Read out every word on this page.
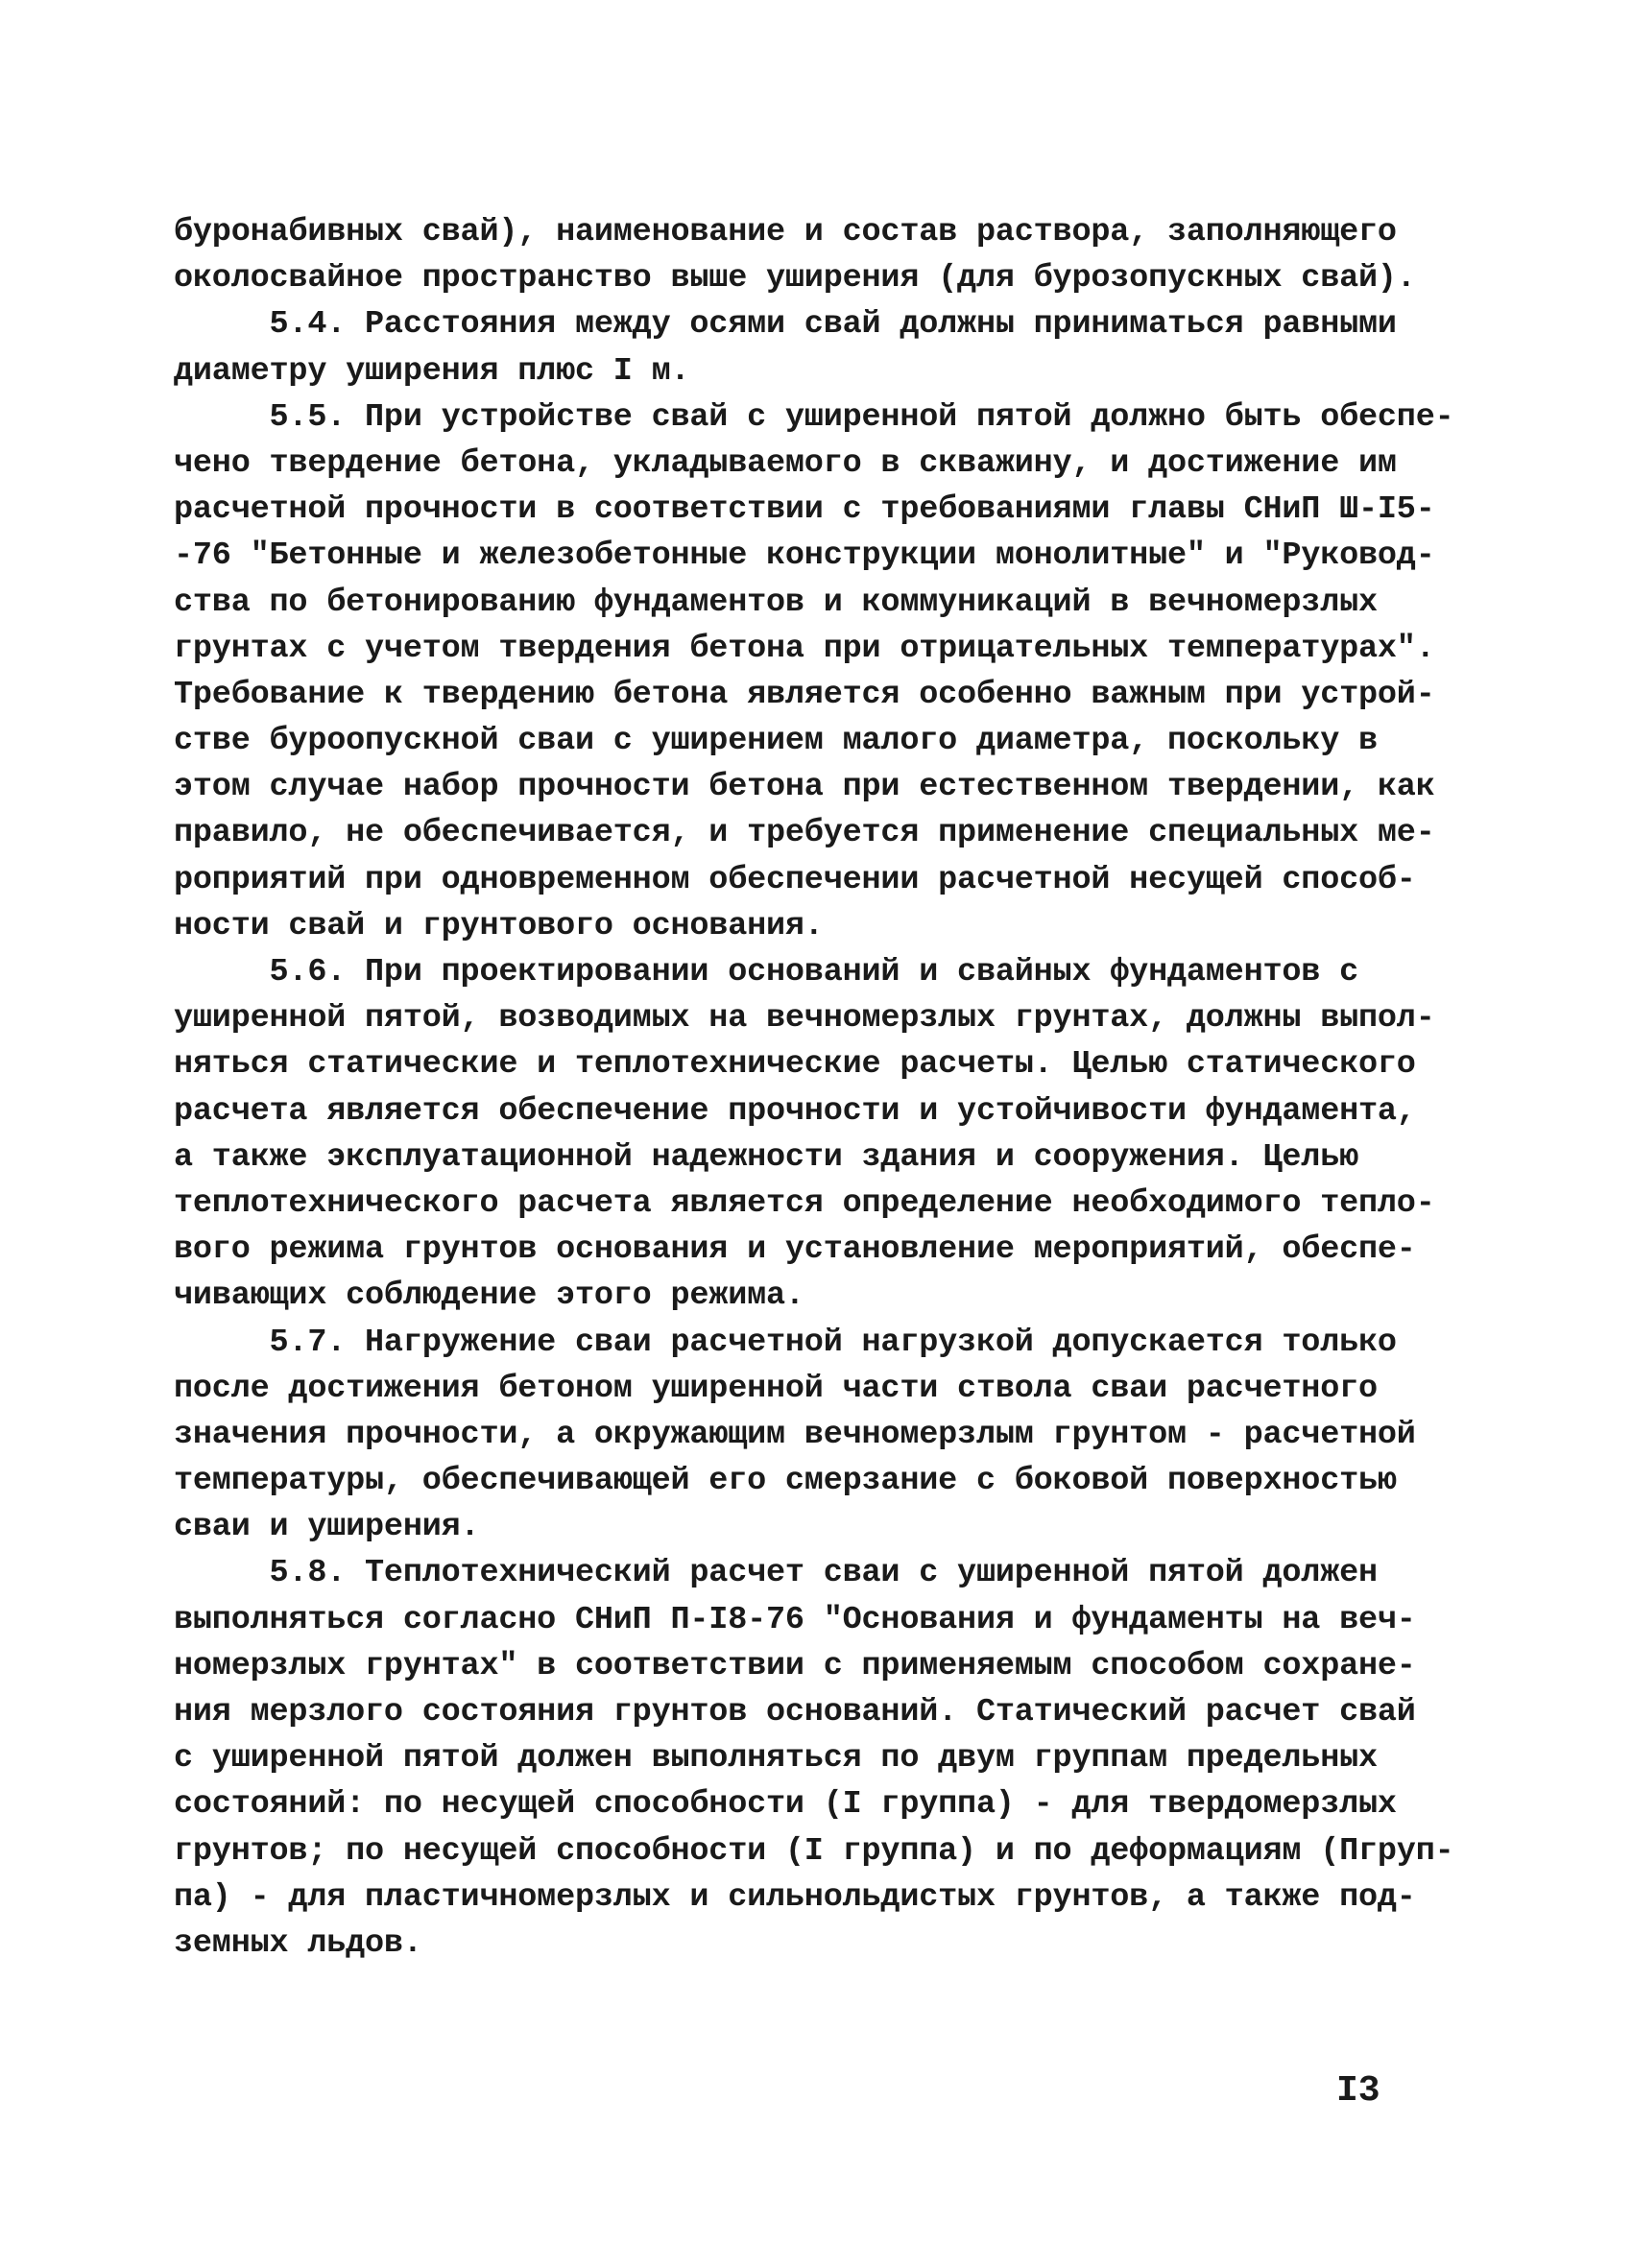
буронабивных свай), наименование и состав раствора, заполняющего
околосвайное пространство выше уширения (для бурозопускных свай).
5.4. Расстояния между осями свай должны приниматься равными
диаметру уширения плюс I м.
5.5. При устройстве свай с уширенной пятой должно быть обеспе-
чено твердение бетона, укладываемого в скважину, и достижение им
расчетной прочности в соответствии с требованиями главы СНиП Ш-I5-
-76 "Бетонные и железобетонные конструкции монолитные" и "Руковод-
ства по бетонированию фундаментов и коммуникаций в вечномерзлых
грунтах с учетом твердения бетона при отрицательных температурах".
Требование к твердению бетона является особенно важным при устрой-
стве буроопускной сваи с уширением малого диаметра, поскольку в
этом случае набор прочности бетона при естественном твердении, как
правило, не обеспечивается, и требуется применение специальных ме-
роприятий при одновременном обеспечении расчетной несущей способ-
ности свай и грунтового основания.
5.6. При проектировании оснований и свайных фундаментов с
уширенной пятой, возводимых на вечномерзлых грунтах, должны выпол-
няться статические и теплотехнические расчеты. Целью статического
расчета является обеспечение прочности и устойчивости фундамента,
а также эксплуатационной надежности здания и сооружения. Целью
теплотехнического расчета является определение необходимого тепло-
вого режима грунтов основания и установление мероприятий, обеспе-
чивающих соблюдение этого режима.
5.7. Нагружение сваи расчетной нагрузкой допускается только
после достижения бетоном уширенной части ствола сваи расчетного
значения прочности, а окружающим вечномерзлым грунтом - расчетной
температуры, обеспечивающей его смерзание с боковой поверхностью
сваи и уширения.
5.8. Теплотехнический расчет сваи с уширенной пятой должен
выполняться согласно СНиП П-I8-76 "Основания и фундаменты на веч-
номерзлых грунтах" в соответствии с применяемым способом сохране-
ния мерзлого состояния грунтов оснований. Статический расчет свай
с уширенной пятой должен выполняться по двум группам предельных
состояний: по несущей способности (I группа) - для твердомерзлых
грунтов; по несущей способности (I группа) и по деформациям (Пгруп-
па) - для пластичномерзлых и сильнольдистых грунтов, а также под-
земных льдов.
I3
